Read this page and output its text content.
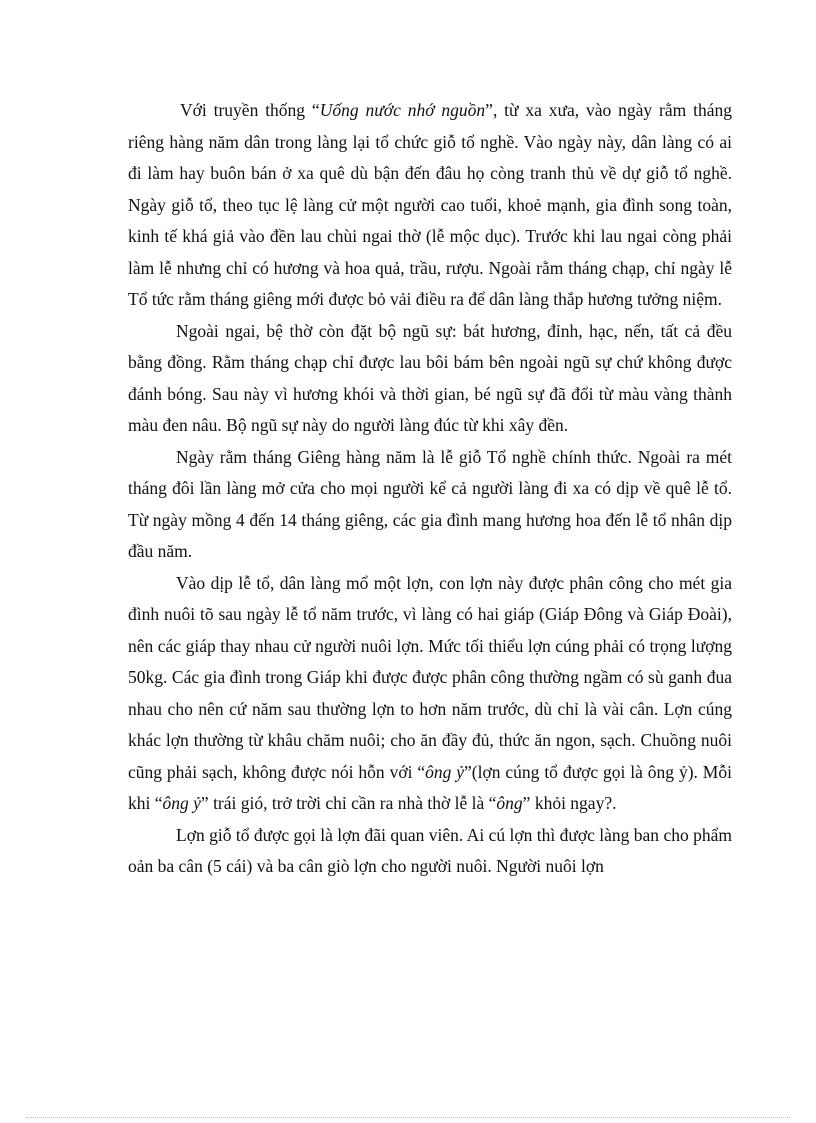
Với truyền thống “Uống nước nhớ nguồn”, từ xa xưa, vào ngày rằm tháng riêng hàng năm dân trong làng lại tổ chức giỗ tổ nghề. Vào ngày này, dân làng có ai đi làm hay buôn bán ở xa quê dù bận đến đâu họ còng tranh thủ về dự giỗ tổ nghề. Ngày giỗ tổ, theo tục lệ làng cử một người cao tuổi, khoẻ mạnh, gia đình song toàn, kinh tế khá giả vào đền lau chùi ngai thờ (lễ mộc dục). Trước khi lau ngai còng phải làm lễ nhưng chỉ có hương và hoa quả, trầu, rượu. Ngoài rằm tháng chạp, chỉ ngày lễ Tổ tức rằm tháng giêng mới được bỏ vải điều ra để dân làng thắp hương tưởng niệm.

Ngoài ngai, bệ thờ còn đặt bộ ngũ sự: bát hương, đỉnh, hạc, nến, tất cả đều bằng đồng. Rằm tháng chạp chỉ được lau bôi bám bên ngoài ngũ sự chứ không được đánh bóng. Sau này vì hương khói và thời gian, bé ngũ sự đã đổi từ màu vàng thành màu đen nâu. Bộ ngũ sự này do người làng đúc từ khi xây đền.

Ngày rằm tháng Giêng hàng năm là lễ giỗ Tổ nghề chính thức. Ngoài ra mét tháng đôi lần làng mở cửa cho mọi người kể cả người làng đi xa có dịp về quê lễ tổ. Từ ngày mồng 4 đến 14 tháng giêng, các gia đình mang hương hoa đến lễ tổ nhân dịp đầu năm.

Vào dịp lễ tổ, dân làng mổ một lợn, con lợn này được phân công cho mét gia đình nuôi tõ sau ngày lễ tổ năm trước, vì làng có hai giáp (Giáp Đông và Giáp Đoài), nên các giáp thay nhau cử người nuôi lợn. Mức tối thiểu lợn cúng phải có trọng lượng 50kg. Các gia đình trong Giáp khi được được phân công thường ngầm có sù ganh đua nhau cho nên cứ năm sau thường lợn to hơn năm trước, dù chỉ là vài cân. Lợn cúng khác lợn thường từ khâu chăm nuôi; cho ăn đầy đủ, thức ăn ngon, sạch. Chuồng nuôi cũng phải sạch, không được nói hỗn với “ông ỷ”(lợn cúng tổ được gọi là ông ỷ). Mỗi khi “ông ỷ” trái gió, trở trời chỉ cần ra nhà thờ lễ là “ông” khỏi ngay?.

Lợn giỗ tổ được gọi là lợn đãi quan viên. Ai cú lợn thì được làng ban cho phẩm oản ba cân (5 cái) và ba cân giò lợn cho người nuôi. Người nuôi lợn
